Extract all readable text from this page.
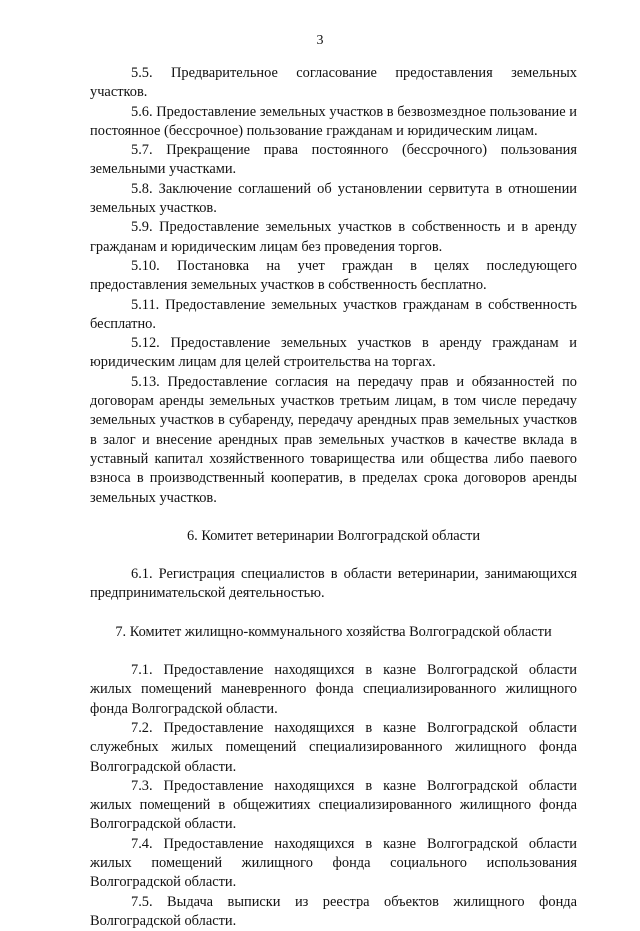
3

5.5. Предварительное согласование предоставления земельных участков.

5.6. Предоставление земельных участков в безвозмездное пользование и постоянное (бессрочное) пользование гражданам и юридическим лицам.

5.7. Прекращение права постоянного (бессрочного) пользования земельными участками.

5.8. Заключение соглашений об установлении сервитута в отношении земельных участков.

5.9. Предоставление земельных участков в собственность и в аренду гражданам и юридическим лицам без проведения торгов.

5.10. Постановка на учет граждан в целях последующего предоставления земельных участков в собственность бесплатно.

5.11. Предоставление земельных участков гражданам в собственность бесплатно.

5.12. Предоставление земельных участков в аренду гражданам и юридическим лицам для целей строительства на торгах.

5.13. Предоставление согласия на передачу прав и обязанностей по договорам аренды земельных участков третьим лицам, в том числе передачу земельных участков в субаренду, передачу арендных прав земельных участков в залог и внесение арендных прав земельных участков в качестве вклада в уставный капитал хозяйственного товарищества или общества либо паевого взноса в производственный кооператив, в пределах срока договоров аренды земельных участков.

6. Комитет ветеринарии Волгоградской области

6.1. Регистрация специалистов в области ветеринарии, занимающихся предпринимательской деятельностью.

7. Комитет жилищно-коммунального хозяйства Волгоградской области

7.1. Предоставление находящихся в казне Волгоградской области жилых помещений маневренного фонда специализированного жилищного фонда Волгоградской области.

7.2. Предоставление находящихся в казне Волгоградской области служебных жилых помещений специализированного жилищного фонда Волгоградской области.

7.3. Предоставление находящихся в казне Волгоградской области жилых помещений в общежитиях специализированного жилищного фонда Волгоградской области.

7.4. Предоставление находящихся в казне Волгоградской области жилых помещений жилищного фонда социального использования Волгоградской области.

7.5. Выдача выписки из реестра объектов жилищного фонда Волгоградской области.
